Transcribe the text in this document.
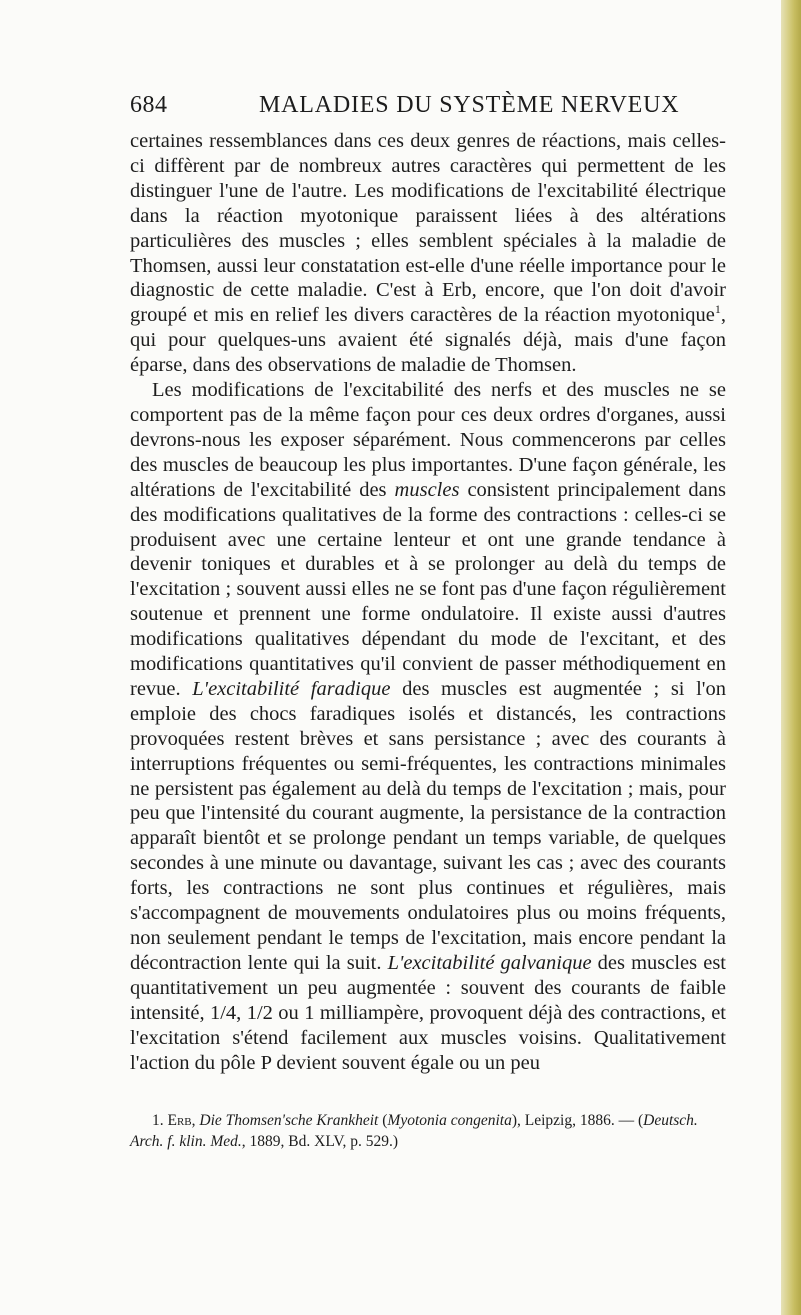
684	MALADIES DU SYSTÈME NERVEUX

certaines ressemblances dans ces deux genres de réactions, mais celles-ci diffèrent par de nombreux autres caractères qui permettent de les distinguer l'une de l'autre. Les modifications de l'excitabilité électrique dans la réaction myotonique paraissent liées à des altérations particulières des muscles ; elles semblent spéciales à la maladie de Thomsen, aussi leur constatation est-elle d'une réelle importance pour le diagnostic de cette maladie. C'est à Erb, encore, que l'on doit d'avoir groupé et mis en relief les divers caractères de la réaction myotonique$^1$, qui pour quelques-uns avaient été signalés déjà, mais d'une façon éparse, dans des observations de maladie de Thomsen.

Les modifications de l'excitabilité des nerfs et des muscles ne se comportent pas de la même façon pour ces deux ordres d'organes, aussi devrons-nous les exposer séparément. Nous commencerons par celles des muscles de beaucoup les plus importantes. D'une façon générale, les altérations de l'excitabilité des muscles consistent principalement dans des modifications qualitatives de la forme des contractions : celles-ci se produisent avec une certaine lenteur et ont une grande tendance à devenir toniques et durables et à se prolonger au delà du temps de l'excitation ; souvent aussi elles ne se font pas d'une façon régulièrement soutenue et prennent une forme ondulatoire. Il existe aussi d'autres modifications qualitatives dépendant du mode de l'excitant, et des modifications quantitatives qu'il convient de passer méthodiquement en revue. L'excitabilité faradique des muscles est augmentée ; si l'on emploie des chocs faradiques isolés et distancés, les contractions provoquées restent brèves et sans persistance ; avec des courants à interruptions fréquentes ou semi-fréquentes, les contractions minimales ne persistent pas également au delà du temps de l'excitation ; mais, pour peu que l'intensité du courant augmente, la persistance de la contraction apparaît bientôt et se prolonge pendant un temps variable, de quelques secondes à une minute ou davantage, suivant les cas ; avec des courants forts, les contractions ne sont plus continues et régulières, mais s'accompagnent de mouvements ondulatoires plus ou moins fréquents, non seulement pendant le temps de l'excitation, mais encore pendant la décontraction lente qui la suit. L'excitabilité galvanique des muscles est quantitativement un peu augmentée : souvent des courants de faible intensité, 1/4, 1/2 ou 1 milliampère, provoquent déjà des contractions, et l'excitation s'étend facilement aux muscles voisins. Qualitativement l'action du pôle P devient souvent égale ou un peu

1. Erb, Die Thomsen'sche Krankheit (Myotonia congenita), Leipzig, 1886. — (Deutsch. Arch. f. klin. Med., 1889, Bd. XLV, p. 529.)
